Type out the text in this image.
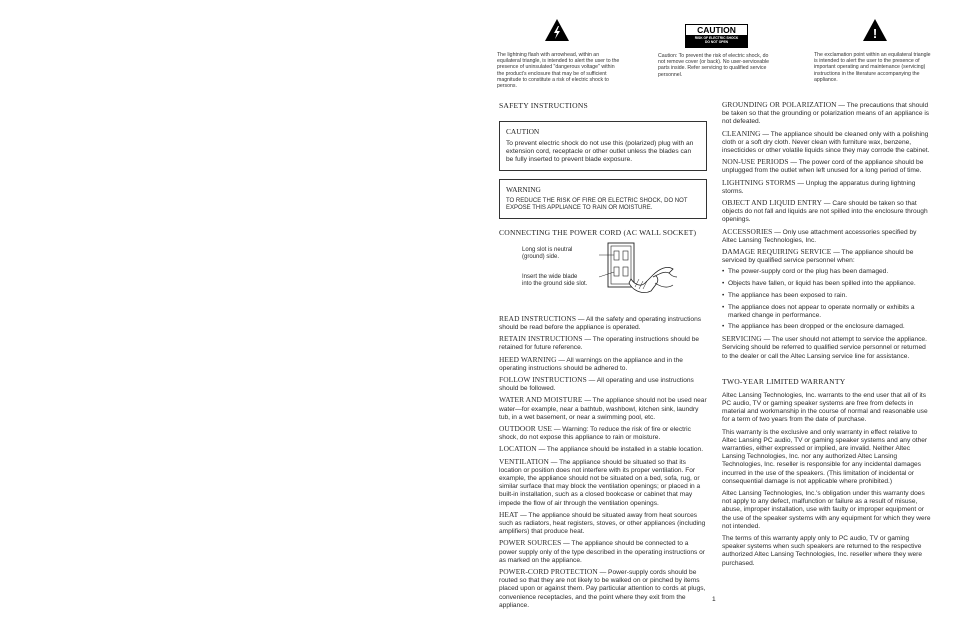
The lightning flash with arrowhead, within an equilateral triangle, is intended to alert the user to the presence of uninsulated "dangerous voltage" within the product's enclosure that may be of sufficient magnitude to constitute a risk of electric shock to persons.
CAUTION
RISK OF ELECTRIC SHOCK
DO NOT OPEN
Caution: To prevent the risk of electric shock, do not remove cover (or back). No user-serviceable parts inside. Refer servicing to qualified service personnel.
!
The exclamation point within an equilateral triangle is intended to alert the user to the presence of important operating and maintenance (servicing) instructions in the literature accompanying the appliance.
SAFETY INSTRUCTIONS
CAUTION
To prevent electric shock do not use this (polarized) plug with an extension cord, receptacle or other outlet unless the blades can be fully inserted to prevent blade exposure.
WARNING
TO REDUCE THE RISK OF FIRE OR ELECTRIC SHOCK, DO NOT EXPOSE THIS APPLIANCE TO RAIN OR MOISTURE.
CONNECTING THE POWER CORD (AC WALL SOCKET)
Long slot is neutral
(ground) side.
Insert the wide blade
into the ground side slot.
READ INSTRUCTIONS — All the safety and operating instructions should be read before the appliance is operated.
RETAIN INSTRUCTIONS — The operating instructions should be retained for future reference.
HEED WARNING — All warnings on the appliance and in the operating instructions should be adhered to.
FOLLOW INSTRUCTIONS — All operating and use instructions should be followed.
WATER AND MOISTURE — The appliance should not be used near water—for example, near a bathtub, washbowl, kitchen sink, laundry tub, in a wet basement, or near a swimming pool, etc.
OUTDOOR USE — Warning: To reduce the risk of fire or electric shock, do not expose this appliance to rain or moisture.
LOCATION — The appliance should be installed in a stable location.
VENTILATION — The appliance should be situated so that its location or position does not interfere with its proper ventilation. For example, the appliance should not be situated on a bed, sofa, rug, or similar surface that may block the ventilation openings; or placed in a built-in installation, such as a closed bookcase or cabinet that may impede the flow of air through the ventilation openings.
HEAT — The appliance should be situated away from heat sources such as radiators, heat registers, stoves, or other appliances (including amplifiers) that produce heat.
POWER SOURCES — The appliance should be connected to a power supply only of the type described in the operating instructions or as marked on the appliance.
POWER-CORD PROTECTION — Power-supply cords should be routed so that they are not likely to be walked on or pinched by items placed upon or against them. Pay particular attention to cords at plugs, convenience receptacles, and the point where they exit from the appliance.
GROUNDING OR POLARIZATION — The precautions that should be taken so that the grounding or polarization means of an appliance is not defeated.
CLEANING — The appliance should be cleaned only with a polishing cloth or a soft dry cloth. Never clean with furniture wax, benzene, insecticides or other volatile liquids since they may corrode the cabinet.
NON-USE PERIODS — The power cord of the appliance should be unplugged from the outlet when left unused for a long period of time.
LIGHTNING STORMS — Unplug the apparatus during lightning storms.
OBJECT AND LIQUID ENTRY — Care should be taken so that objects do not fall and liquids are not spilled into the enclosure through openings.
ACCESSORIES — Only use attachment accessories specified by Altec Lansing Technologies, Inc.
DAMAGE REQUIRING SERVICE — The appliance should be serviced by qualified service personnel when:
• The power-supply cord or the plug has been damaged.
• Objects have fallen, or liquid has been spilled into the appliance.
• The appliance has been exposed to rain.
• The appliance does not appear to operate normally or exhibits a marked change in performance.
• The appliance has been dropped or the enclosure damaged.
SERVICING — The user should not attempt to service the appliance. Servicing should be referred to qualified service personnel or returned to the dealer or call the Altec Lansing service line for assistance.
TWO-YEAR LIMITED WARRANTY
Altec Lansing Technologies, Inc. warrants to the end user that all of its PC audio, TV or gaming speaker systems are free from defects in material and workmanship in the course of normal and reasonable use for a term of two years from the date of purchase.
This warranty is the exclusive and only warranty in effect relative to Altec Lansing PC audio, TV or gaming speaker systems and any other warranties, either expressed or implied, are invalid. Neither Altec Lansing Technologies, Inc. nor any authorized Altec Lansing Technologies, Inc. reseller is responsible for any incidental damages incurred in the use of the speakers. (This limitation of incidental or consequential damage is not applicable where prohibited.)
Altec Lansing Technologies, Inc.'s obligation under this warranty does not apply to any defect, malfunction or failure as a result of misuse, abuse, improper installation, use with faulty or improper equipment or the use of the speaker systems with any equipment for which they were not intended.
The terms of this warranty apply only to PC audio, TV or gaming speaker systems when such speakers are returned to the respective authorized Altec Lansing Technologies, Inc. reseller where they were purchased.
1
